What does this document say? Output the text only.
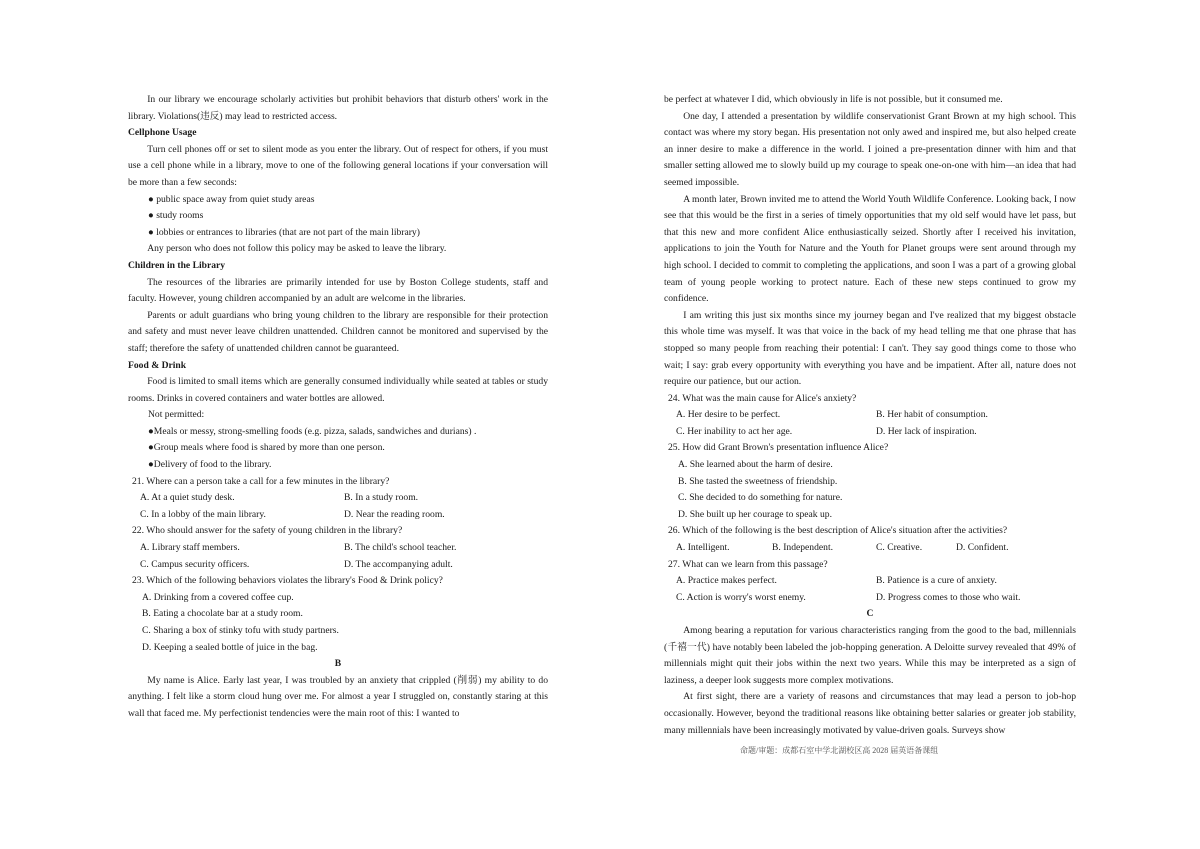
In our library we encourage scholarly activities but prohibit behaviors that disturb others' work in the library. Violations(违反) may lead to restricted access.

Cellphone Usage

Turn cell phones off or set to silent mode as you enter the library. Out of respect for others, if you must use a cell phone while in a library, move to one of the following general locations if your conversation will be more than a few seconds:

● public space away from quiet study areas

● study rooms

● lobbies or entrances to libraries (that are not part of the main library)

Any person who does not follow this policy may be asked to leave the library.

Children in the Library

The resources of the libraries are primarily intended for use by Boston College students, staff and faculty. However, young children accompanied by an adult are welcome in the libraries.

Parents or adult guardians who bring young children to the library are responsible for their protection and safety and must never leave children unattended. Children cannot be monitored and supervised by the staff; therefore the safety of unattended children cannot be guaranteed.

Food & Drink

Food is limited to small items which are generally consumed individually while seated at tables or study rooms. Drinks in covered containers and water bottles are allowed.

Not permitted:

●Meals or messy, strong-smelling foods (e.g. pizza, salads, sandwiches and durians) .

●Group meals where food is shared by more than one person.

●Delivery of food to the library.

21. Where can a person take a call for a few minutes in the library?

A. At a quiet study desk.	B. In a study room.
C. In a lobby of the main library.	D. Near the reading room.

22. Who should answer for the safety of young children in the library?

A. Library staff members.	B. The child's school teacher.
C. Campus security officers.	D. The accompanying adult.

23. Which of the following behaviors violates the library's Food & Drink policy?

A. Drinking from a covered coffee cup.

B. Eating a chocolate bar at a study room.

C. Sharing a box of stinky tofu with study partners.

D. Keeping a sealed bottle of juice in the bag.

B

My name is Alice. Early last year, I was troubled by an anxiety that crippled (削弱) my ability to do anything. I felt like a storm cloud hung over me. For almost a year I struggled on, constantly staring at this wall that faced me. My perfectionist tendencies were the main root of this: I wanted to

be perfect at whatever I did, which obviously in life is not possible, but it consumed me.

One day, I attended a presentation by wildlife conservationist Grant Brown at my high school. This contact was where my story began. His presentation not only awed and inspired me, but also helped create an inner desire to make a difference in the world. I joined a pre-presentation dinner with him and that smaller setting allowed me to slowly build up my courage to speak one-on-one with him—an idea that had seemed impossible.

A month later, Brown invited me to attend the World Youth Wildlife Conference. Looking back, I now see that this would be the first in a series of timely opportunities that my old self would have let pass, but that this new and more confident Alice enthusiastically seized. Shortly after I received his invitation, applications to join the Youth for Nature and the Youth for Planet groups were sent around through my high school. I decided to commit to completing the applications, and soon I was a part of a growing global team of young people working to protect nature. Each of these new steps continued to grow my confidence.

I am writing this just six months since my journey began and I've realized that my biggest obstacle this whole time was myself. It was that voice in the back of my head telling me that one phrase that has stopped so many people from reaching their potential: I can't. They say good things come to those who wait; I say: grab every opportunity with everything you have and be impatient. After all, nature does not require our patience, but our action.

24. What was the main cause for Alice's anxiety?

A. Her desire to be perfect.	B. Her habit of consumption.
C. Her inability to act her age.	D. Her lack of inspiration.

25. How did Grant Brown's presentation influence Alice?

A. She learned about the harm of desire.

B. She tasted the sweetness of friendship.

C. She decided to do something for nature.

D. She built up her courage to speak up.

26. Which of the following is the best description of Alice's situation after the activities?

A. Intelligent.	B. Independent.	C. Creative.	D. Confident.

27. What can we learn from this passage?

A. Practice makes perfect.	B. Patience is a cure of anxiety.
C. Action is worry's worst enemy.	D. Progress comes to those who wait.

C

Among bearing a reputation for various characteristics ranging from the good to the bad, millennials (千禧一代) have notably been labeled the job-hopping generation. A Deloitte survey revealed that 49% of millennials might quit their jobs within the next two years. While this may be interpreted as a sign of laziness, a deeper look suggests more complex motivations.

At first sight, there are a variety of reasons and circumstances that may lead a person to job-hop occasionally. However, beyond the traditional reasons like obtaining better salaries or greater job stability, many millennials have been increasingly motivated by value-driven goals. Surveys show

命题/审题：成都石室中学北湖校区高 2028 届英语备课组
